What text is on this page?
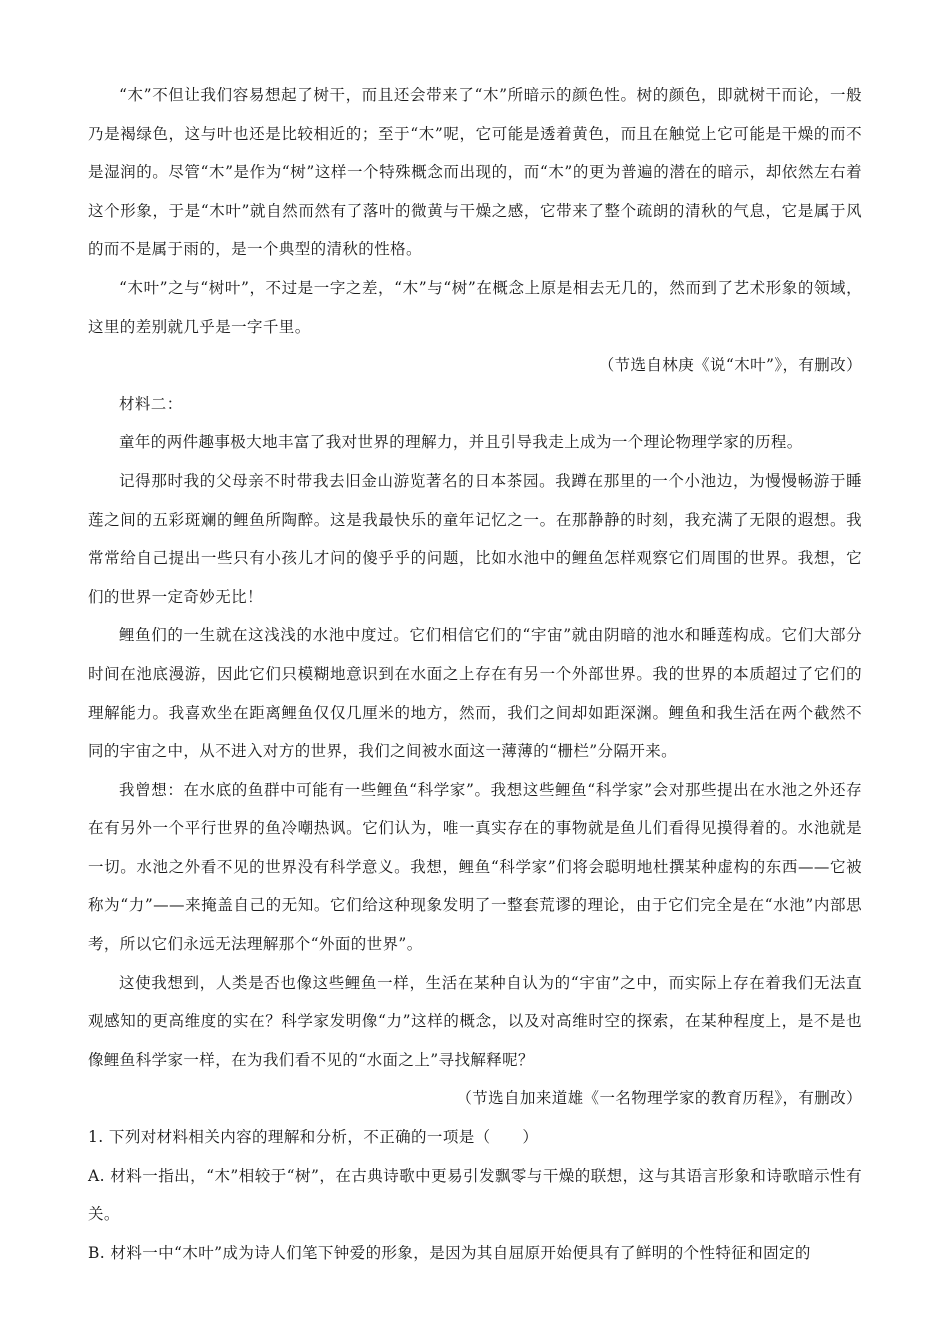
“木”不但让我们容易想起了树干，而且还会带来了“木”所暗示的颜色性。树的颜色，即就树干而论，一般乃是褐绿色，这与叶也还是比较相近的；至于“木”呢，它可能是透着黄色，而且在触觉上它可能是干燥的而不是湿润的。尽管“木”是作为“树”这样一个特殊概念而出现的，而“木”的更为普遍的潜在的暗示，却依然左右着这个形象，于是“木叶”就自然而然有了落叶的微黄与干燥之感，它带来了整个疏朗的清秋的气息，它是属于风的而不是属于雨的，是一个典型的清秋的性格。

“木叶”之与“树叶”，不过是一字之差，“木”与“树”在概念上原是相去无几的，然而到了艺术形象的领域，这里的差别就几乎是一字千里。

（节选自林庚《说“木叶”》，有删改）

材料二：

童年的两件趣事极大地丰富了我对世界的理解力，并且引导我走上成为一个理论物理学家的历程。

记得那时我的父母亲不时带我去旧金山游览著名的日本茶园。我蹲在那里的一个小池边，为慢慢畅游于睡莲之间的五彩斑斓的鲤鱼所陶醉。这是我最快乐的童年记忆之一。在那静静的时刻，我充满了无限的遐想。我常常给自己提出一些只有小孩儿才问的傻乎乎的问题，比如水池中的鲤鱼怎样观察它们周围的世界。我想，它们的世界一定奇妙无比！

鲤鱼们的一生就在这浅浅的水池中度过。它们相信它们的“宇宙”就由阴暗的池水和睡莲构成。它们大部分时间在池底漫游，因此它们只模糊地意识到在水面之上存在有另一个外部世界。我的世界的本质超过了它们的理解能力。我喜欢坐在距离鲤鱼仅仅几厘米的地方，然而，我们之间却如距深渊。鲤鱼和我生活在两个截然不同的宇宙之中，从不进入对方的世界，我们之间被水面这一薄薄的“栅栏”分隔开来。

我曾想：在水底的鱼群中可能有一些鲤鱼“科学家”。我想这些鲤鱼“科学家”会对那些提出在水池之外还存在有另外一个平行世界的鱼冷嘲热讽。它们认为，唯一真实存在的事物就是鱼儿们看得见摸得着的。水池就是一切。水池之外看不见的世界没有科学意义。我想，鲤鱼“科学家”们将会聪明地杜撰某种虚构的东西——它被称为“力”——来掩盖自己的无知。它们给这种现象发明了一整套荒谬的理论，由于它们完全是在“水池”内部思考，所以它们永远无法理解那个“外面的世界”。

这使我想到，人类是否也像这些鲤鱼一样，生活在某种自认为的“宇宙”之中，而实际上存在着我们无法直观感知的更高维度的实在？科学家发明像“力”这样的概念，以及对高维时空的探索，在某种程度上，是不是也像鲤鱼科学家一样，在为我们看不见的“水面之上”寻找解释呢？

（节选自加来道雄《一名物理学家的教育历程》，有删改）

1. 下列对材料相关内容的理解和分析，不正确的一项是（　　）

A. 材料一指出，“木”相较于“树”，在古典诗歌中更易引发飘零与干燥的联想，这与其语言形象和诗歌暗示性有关。

B. 材料一中“木叶”成为诗人们笔下钟爱的形象，是因为其自屈原开始便具有了鲜明的个性特征和固定的
